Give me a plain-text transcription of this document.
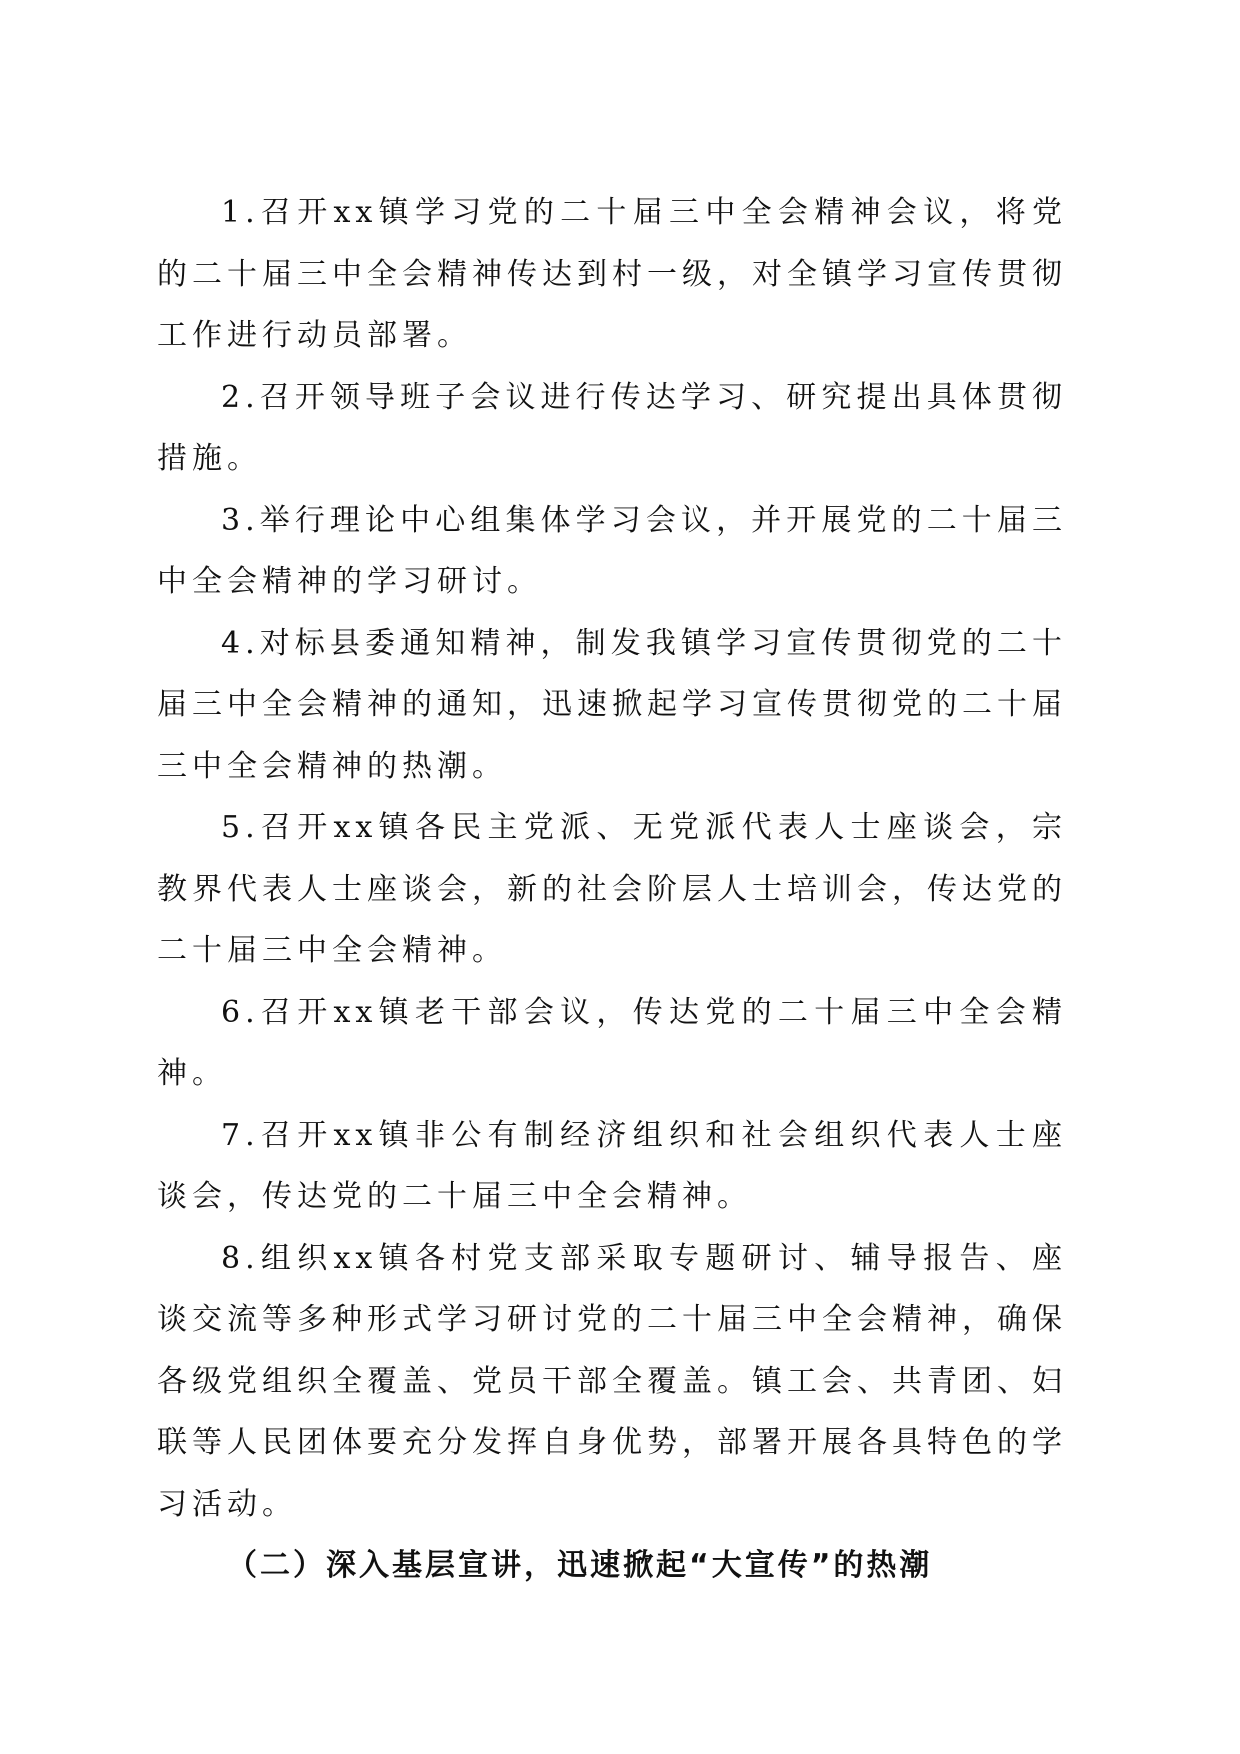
1.召开xx镇学习党的二十届三中全会精神会议，将党的二十届三中全会精神传达到村一级，对全镇学习宣传贯彻工作进行动员部署。

2.召开领导班子会议进行传达学习、研究提出具体贯彻措施。

3.举行理论中心组集体学习会议，并开展党的二十届三中全会精神的学习研讨。

4.对标县委通知精神，制发我镇学习宣传贯彻党的二十届三中全会精神的通知，迅速掀起学习宣传贯彻党的二十届三中全会精神的热潮。

5.召开xx镇各民主党派、无党派代表人士座谈会，宗教界代表人士座谈会，新的社会阶层人士培训会，传达党的二十届三中全会精神。

6.召开xx镇老干部会议，传达党的二十届三中全会精神。

7.召开xx镇非公有制经济组织和社会组织代表人士座谈会，传达党的二十届三中全会精神。

8.组织xx镇各村党支部采取专题研讨、辅导报告、座谈交流等多种形式学习研讨党的二十届三中全会精神，确保各级党组织全覆盖、党员干部全覆盖。镇工会、共青团、妇联等人民团体要充分发挥自身优势，部署开展各具特色的学习活动。

（二）深入基层宣讲，迅速掀起“大宣传”的热潮
